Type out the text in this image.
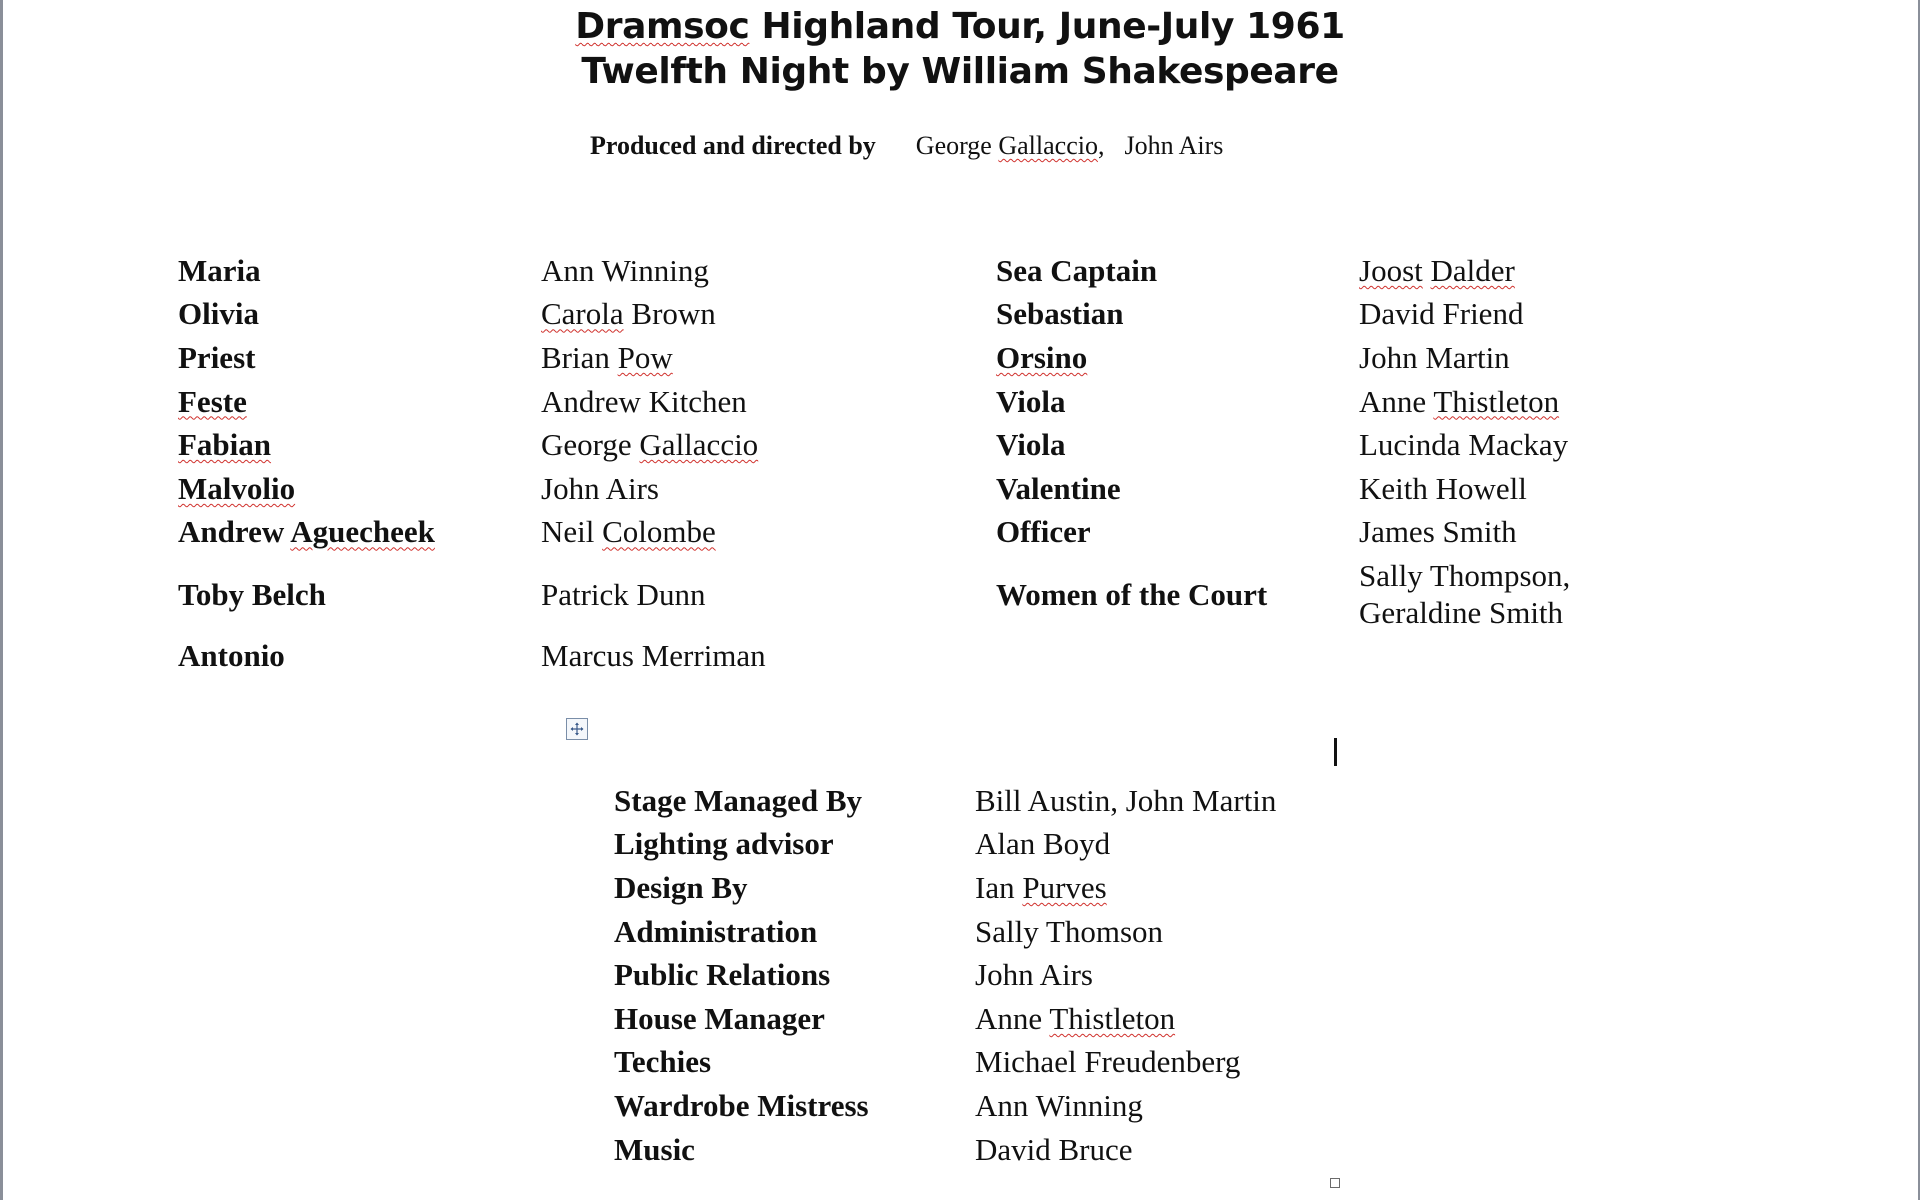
Dramsoc Highland Tour, June-July 1961
Twelfth Night by William Shakespeare
Produced and directed by George Gallaccio, John Airs
Maria	Ann Winning	Sea Captain	Joost Dalder
Olivia	Carola Brown	Sebastian	David Friend
Priest	Brian Pow	Orsino	John Martin
Feste	Andrew Kitchen	Viola	Anne Thistleton
Fabian	George Gallaccio	Viola	Lucinda Mackay
Malvolio	John Airs	Valentine	Keith Howell
Andrew Aguecheek	Neil Colombe	Officer	James Smith
Toby Belch	Patrick Dunn	Women of the Court	Sally Thompson,
Geraldine Smith

Antonio	Marcus Merriman		
Stage Managed By	Bill Austin, John Martin
Lighting advisor	Alan Boyd
Design By	Ian Purves
Administration	Sally Thomson
Public Relations	John Airs
House Manager	Anne Thistleton
Techies	Michael Freudenberg
Wardrobe Mistress	Ann Winning
Music	David Bruce
